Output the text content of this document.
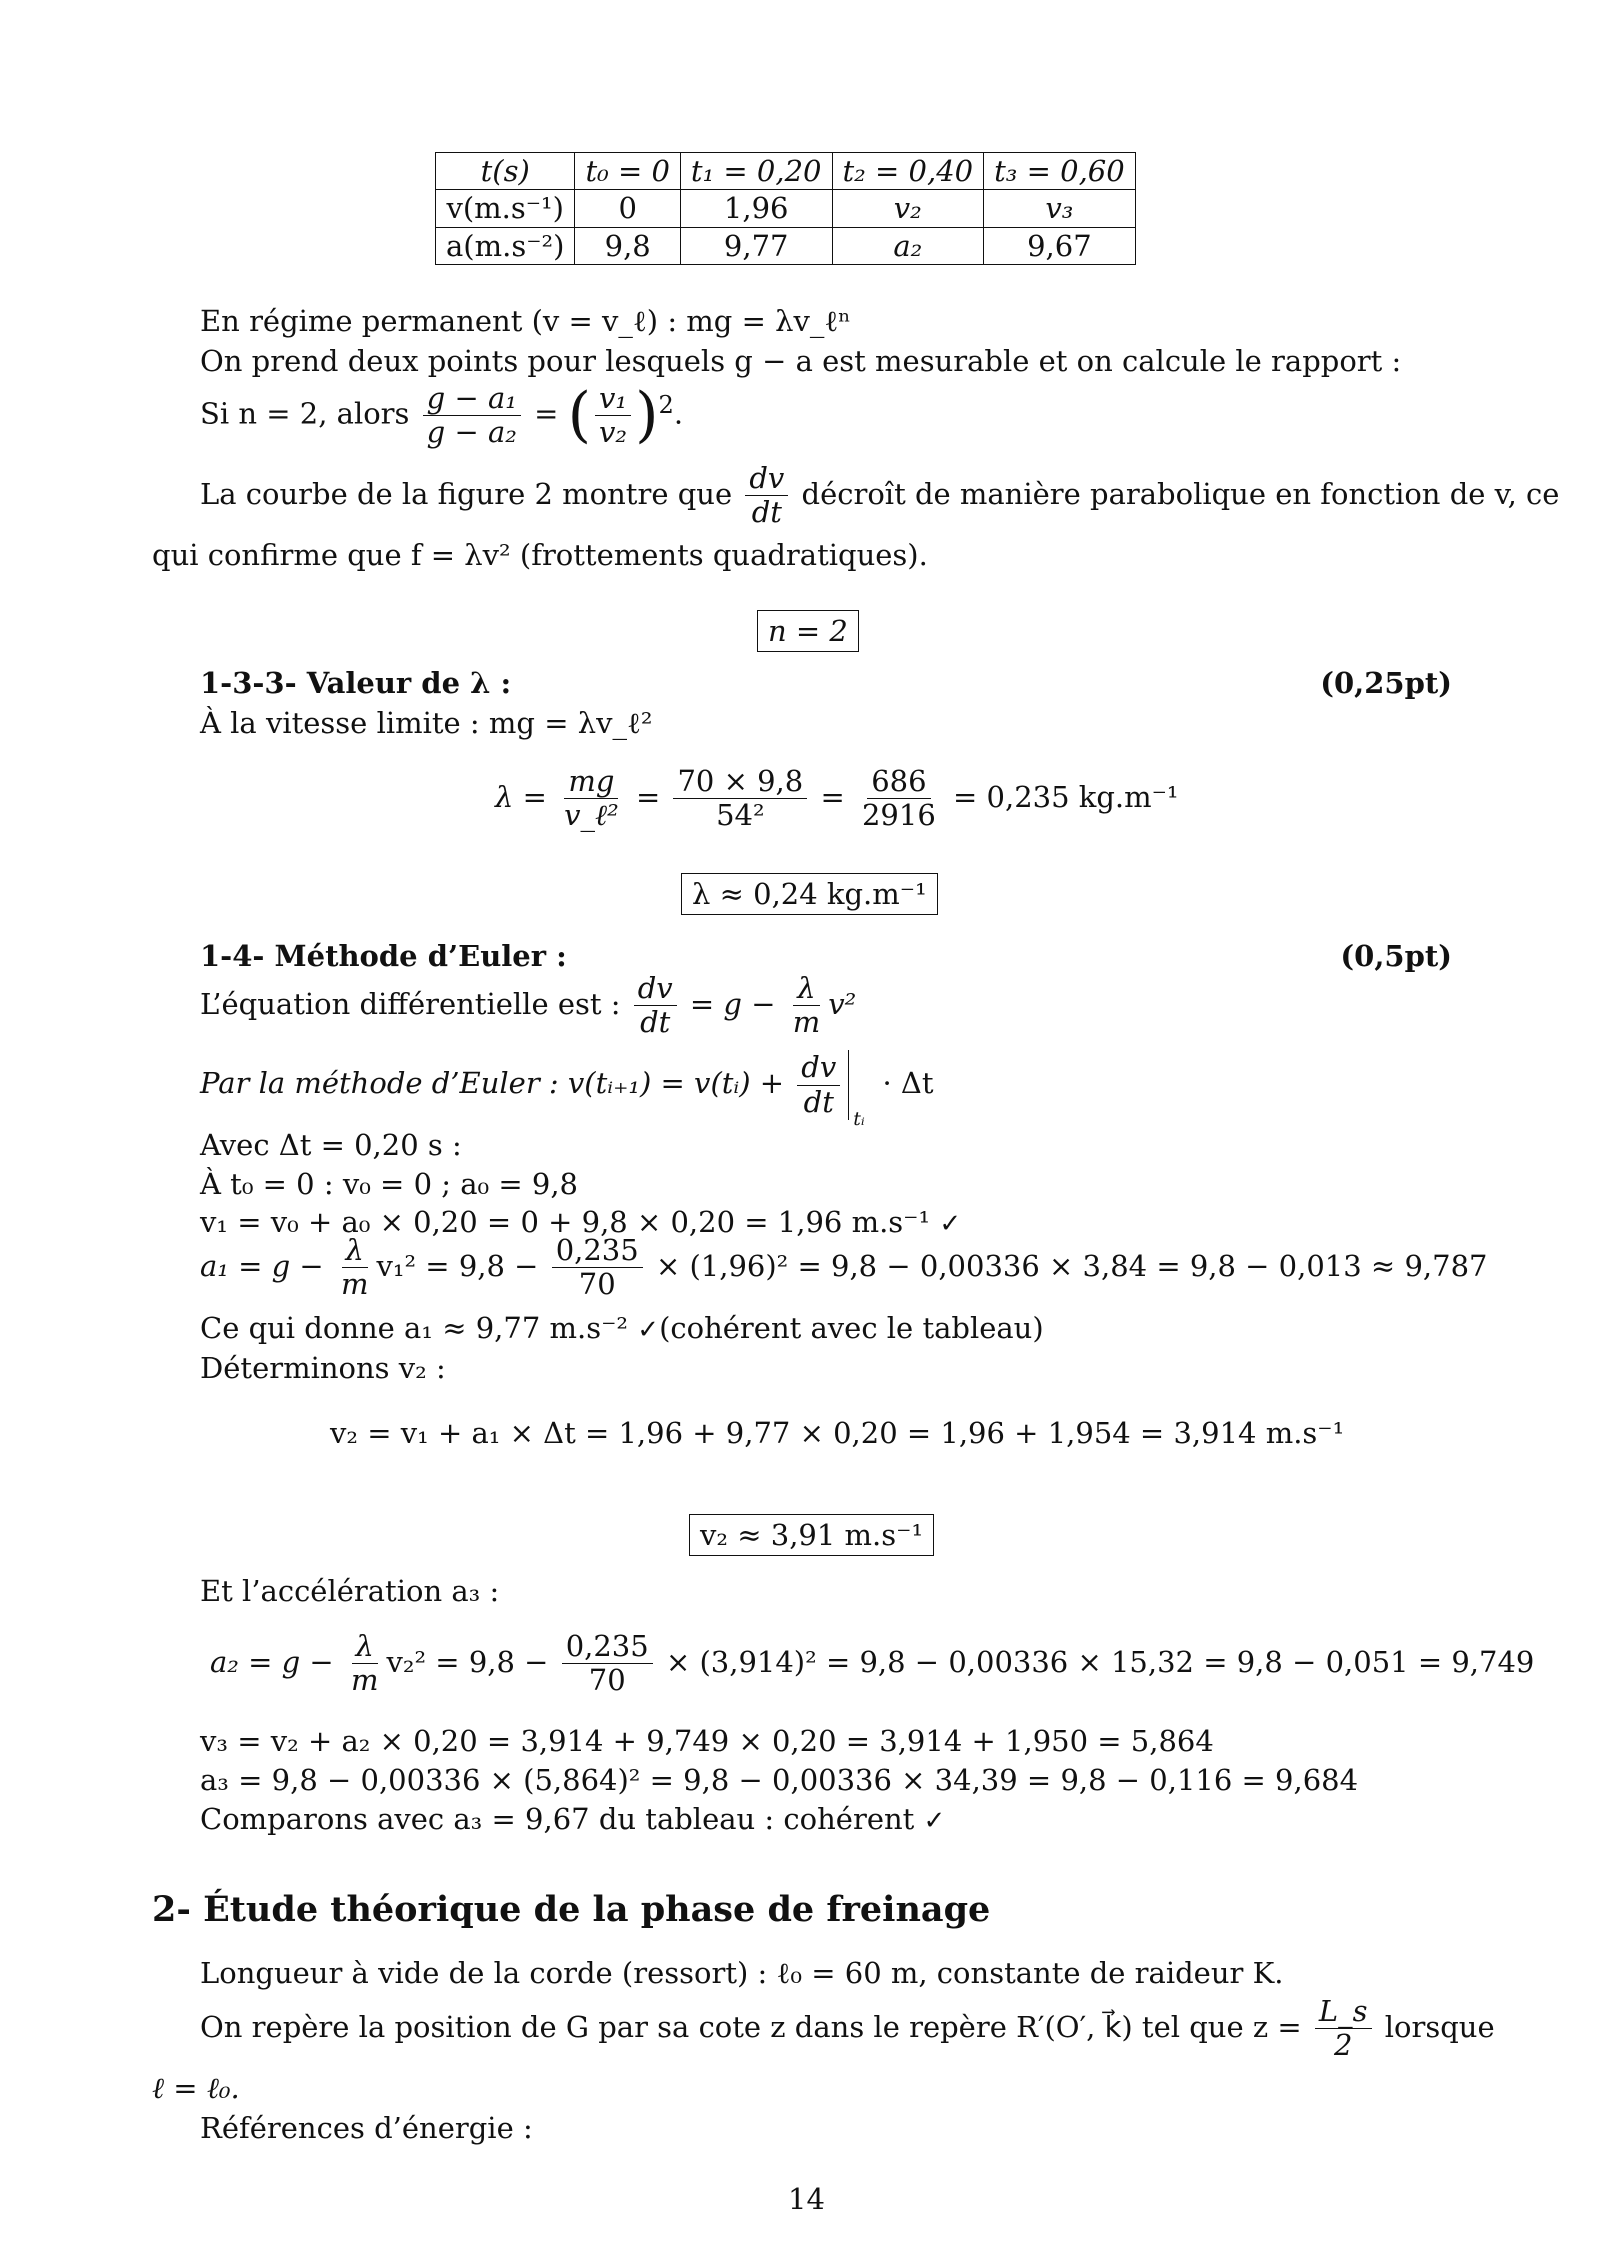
t(s)	t₀ = 0	t₁ = 0,20	t₂ = 0,40	t₃ = 0,60
v(m.s⁻¹)	0	1,96	v₂	v₃
a(m.s⁻²)	9,8	9,77	a₂	9,67
En régime permanent (v = v_ℓ) : mg = λv_ℓⁿ
On prend deux points pour lesquels g − a est mesurable et on calcule le rapport :
Si n = 2, alors $\frac{\text{g − a₁}}{\text{g − a₂}}$ = ( $\frac{\text{v₁}}{\text{v₂}} )^2$.
La courbe de la figure 2 montre que $\frac{dv}{dt}$ décroît de manière parabolique en fonction de v, ce
qui confirme que f = λv² (frottements quadratiques).
n = 2
1-3-3- Valeur de λ :	(0,25pt)
À la vitesse limite : mg = λv_ℓ²
$\lambda = \frac{mg}{\text{v\_ℓ²}} = \frac{70 \times 9,8}{\text{54²}} = \frac{686}{2916} = 0,235$ kg.m⁻¹
λ ≈ 0,24 kg.m⁻¹
1-4- Méthode d’Euler :	(0,5pt)
L’équation différentielle est : $\frac{dv}{dt} = g - \frac{\lambda}{m} v^2$
Par la méthode d’Euler : v(tᵢ₊₁) = v(tᵢ) + $\frac{dv}{dt}$
tᵢ
· Δt
Avec Δt = 0,20 s :
À t₀ = 0 : v₀ = 0 ; a₀ = 9,8
v₁ = v₀ + a₀ × 0,20 = 0 + 9,8 × 0,20 = 1,96 m.s⁻¹ ✓
$a_1 = g - \frac{\lambda}{m} v_1^2 = 9,8 - \frac{0,235}{70} \times (1,96)^2 = 9,8 - 0,00336 \times 3,84 = 9,8 - 0,013 \approx 9,787$
Ce qui donne a₁ ≈ 9,77 m.s⁻² ✓(cohérent avec le tableau)
Déterminons v₂ :
v₂ = v₁ + a₁ × Δt = 1,96 + 9,77 × 0,20 = 1,96 + 1,954 = 3,914 m.s⁻¹
v₂ ≈ 3,91 m.s⁻¹
Et l’accélération a₃ :
$a_2 = g - \frac{\lambda}{m} v_2^2 = 9,8 - \frac{0,235}{70} \times (3,914)^2 = 9,8 - 0,00336 \times 15,32 = 9,8 - 0,051 = 9,749$
v₃ = v₂ + a₂ × 0,20 = 3,914 + 9,749 × 0,20 = 3,914 + 1,950 = 5,864
a₃ = 9,8 − 0,00336 × (5,864)² = 9,8 − 0,00336 × 34,39 = 9,8 − 0,116 = 9,684
Comparons avec a₃ = 9,67 du tableau : cohérent ✓
2- Étude théorique de la phase de freinage
Longueur à vide de la corde (ressort) : ℓ₀ = 60 m, constante de raideur K.
On repère la position de G par sa cote z dans le repère R′(O′, k⃗) tel que $z = \frac{L\_s}{2}$ lorsque
ℓ = ℓ₀.
Références d’énergie :
14
